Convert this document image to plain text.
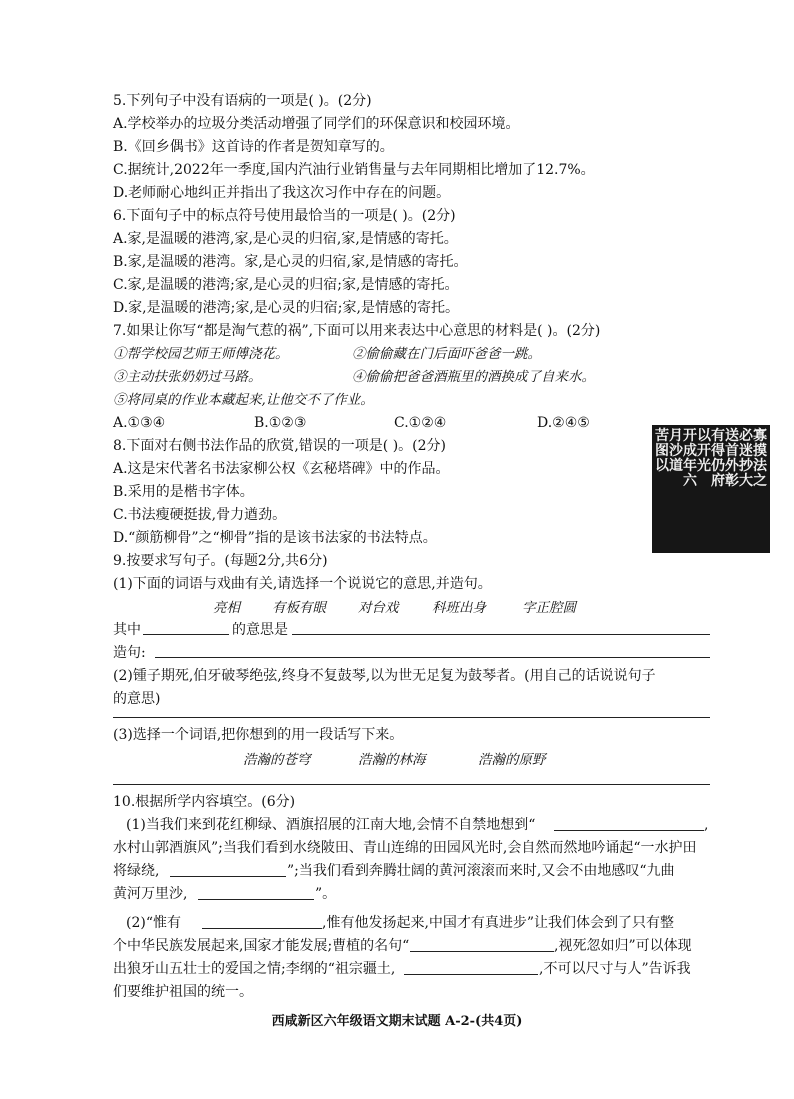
5.下列句子中没有语病的一项是( )。(2分)
A.学校举办的垃圾分类活动增强了同学们的环保意识和校园环境。
B.《回乡偶书》这首诗的作者是贺知章写的。
C.据统计,2022年一季度,国内汽油行业销售量与去年同期相比增加了12.7%。
D.老师耐心地纠正并指出了我这次习作中存在的问题。
6.下面句子中的标点符号使用最恰当的一项是( )。(2分)
A.家,是温暖的港湾,家,是心灵的归宿,家,是情感的寄托。
B.家,是温暖的港湾。家,是心灵的归宿,家,是情感的寄托。
C.家,是温暖的港湾;家,是心灵的归宿;家,是情感的寄托。
D.家,是温暖的港湾;家,是心灵的归宿;家,是情感的寄托。
7.如果让你写“都是淘气惹的祸”,下面可以用来表达中心意思的材料是( )。(2分)
①帮学校园艺师王师傅浇花。	②偷偷藏在门后面吓爸爸一跳。
③主动扶张奶奶过马路。	④偷偷把爸爸酒瓶里的酒换成了自来水。
⑤将同桌的作业本藏起来,让他交不了作业。
A.①③④	B.①②③	C.①②④	D.②④⑤
8.下面对右侧书法作品的欣赏,错误的一项是( )。(2分)
A.这是宋代著名书法家柳公权《玄秘塔碑》中的作品。
B.采用的是楷书字体。
C.书法瘦硬挺拔,骨力遒劲。
D.“颜筋柳骨”之“柳骨”指的是该书法家的书法特点。
寡摸法之
必迷抄大
送首外彰
有得仍府
以开光
开成年六
月沙道
苦图以
9.按要求写句子。(每题2分,共6分)
(1)下面的词语与戏曲有关,请选择一个说说它的意思,并造句。
亮相 有板有眼 对台戏 科班出身	字正腔圆
其中	的意思是
造句:
(2)锺子期死,伯牙破琴绝弦,终身不复鼓琴,以为世无足复为鼓琴者。(用自己的话说说句子
的意思)
(3)选择一个词语,把你想到的用一段话写下来。
浩瀚的苍穹	浩瀚的林海	浩瀚的原野
10.根据所学内容填空。(6分)
(1)当我们来到花红柳绿、酒旗招展的江南大地,会情不自禁地想到“	,
水村山郭酒旗风”;当我们看到水绕陂田、青山连绵的田园风光时,会自然而然地吟诵起“一水护田
将绿绕,	”;当我们看到奔腾壮阔的黄河滚滚而来时,又会不由地感叹“九曲
黄河万里沙,	”。
(2)“惟有	,惟有他发扬起来,中国才有真进步”让我们体会到了只有整
个中华民族发展起来,国家才能发展;曹植的名句“	,视死忽如归”可以体现
出狼牙山五壮士的爱国之情;李纲的“祖宗疆土,	,不可以尺寸与人”告诉我
们要维护祖国的统一。
西咸新区六年级语文期末试题 A-2-(共4页)
